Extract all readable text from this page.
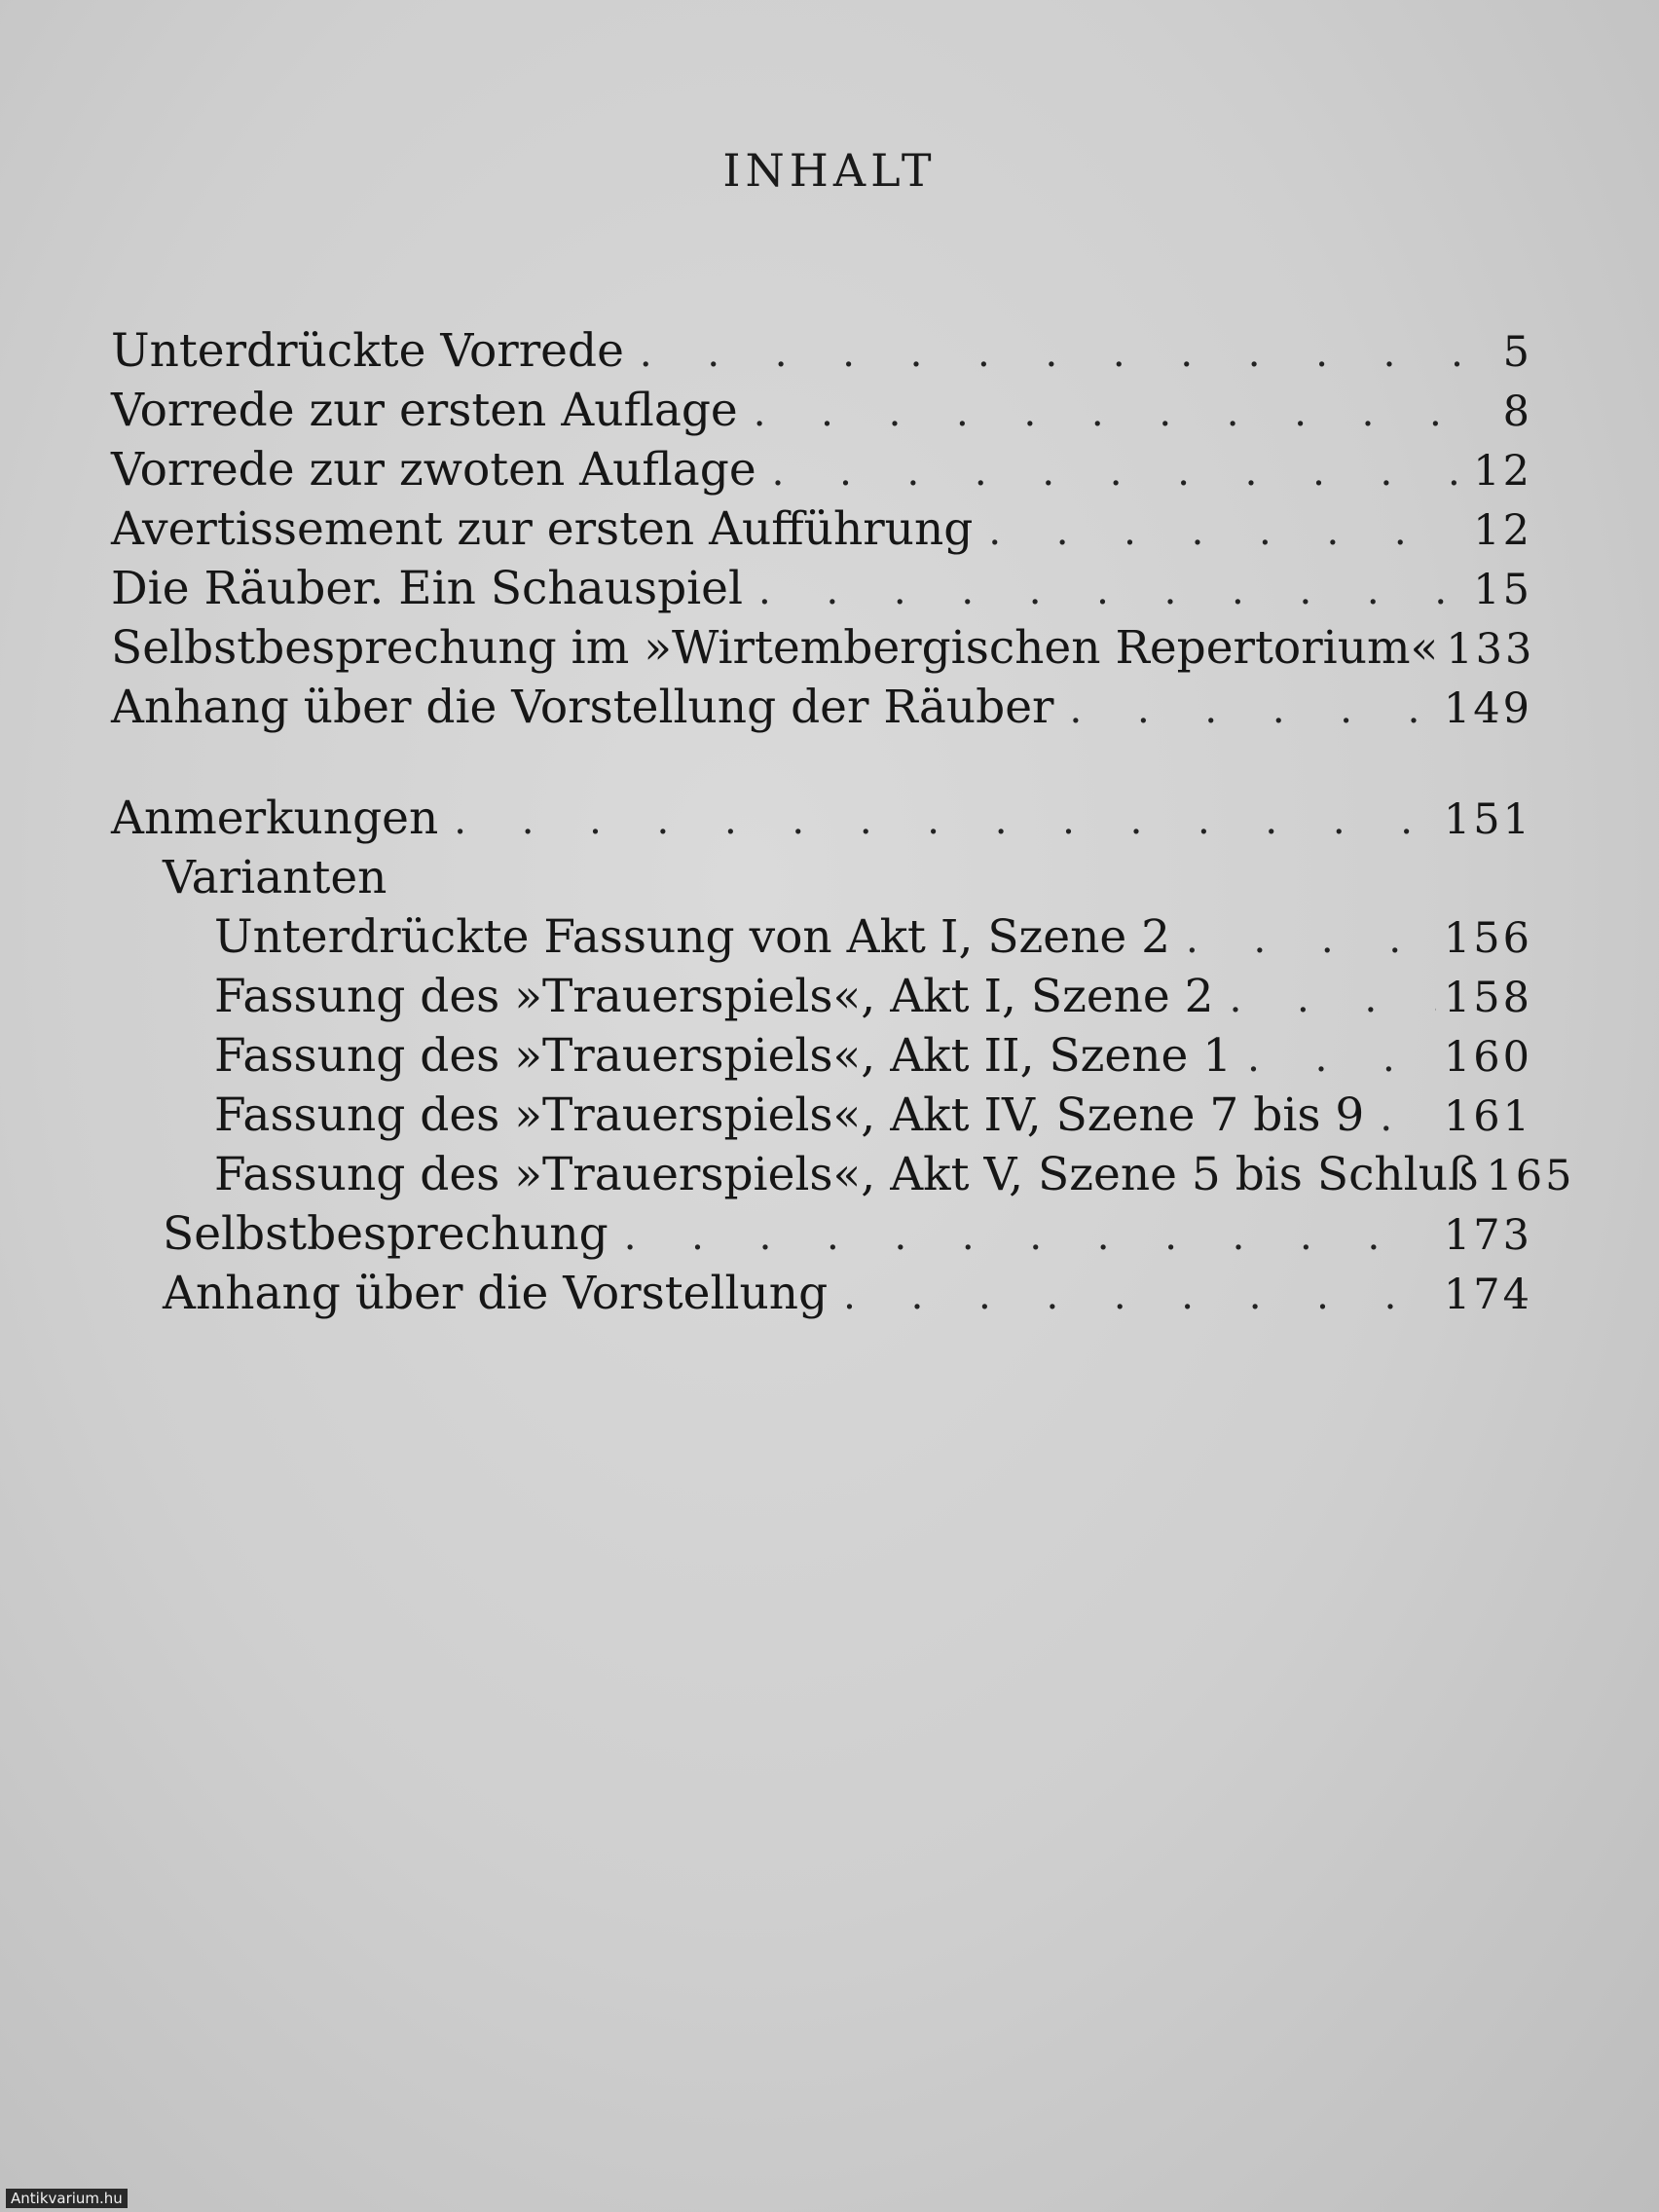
INHALT
Unterdrückte Vorrede . . .	5
Vorrede zur ersten Auflage . . .	8
Vorrede zur zwoten Auflage . . .	12
Avertissement zur ersten Aufführung . . .	12
Die Räuber. Ein Schauspiel . . .	15
Selbstbesprechung im »Wirtembergischen Repertorium« 133
Anhang über die Vorstellung der Räuber . . .	149
Anmerkungen . . .	151
Varianten
Unterdrückte Fassung von Akt I, Szene 2 . . .	156
Fassung des »Trauerspiels«, Akt I, Szene 2 . . .	158
Fassung des »Trauerspiels«, Akt II, Szene 1 . . .	160
Fassung des »Trauerspiels«, Akt IV, Szene 7 bis 9 . . . 161
Fassung des »Trauerspiels«, Akt V, Szene 5 bis Schluß 165
Selbstbesprechung . . .	173
Anhang über die Vorstellung . . .	174
Antikvarium.hu
